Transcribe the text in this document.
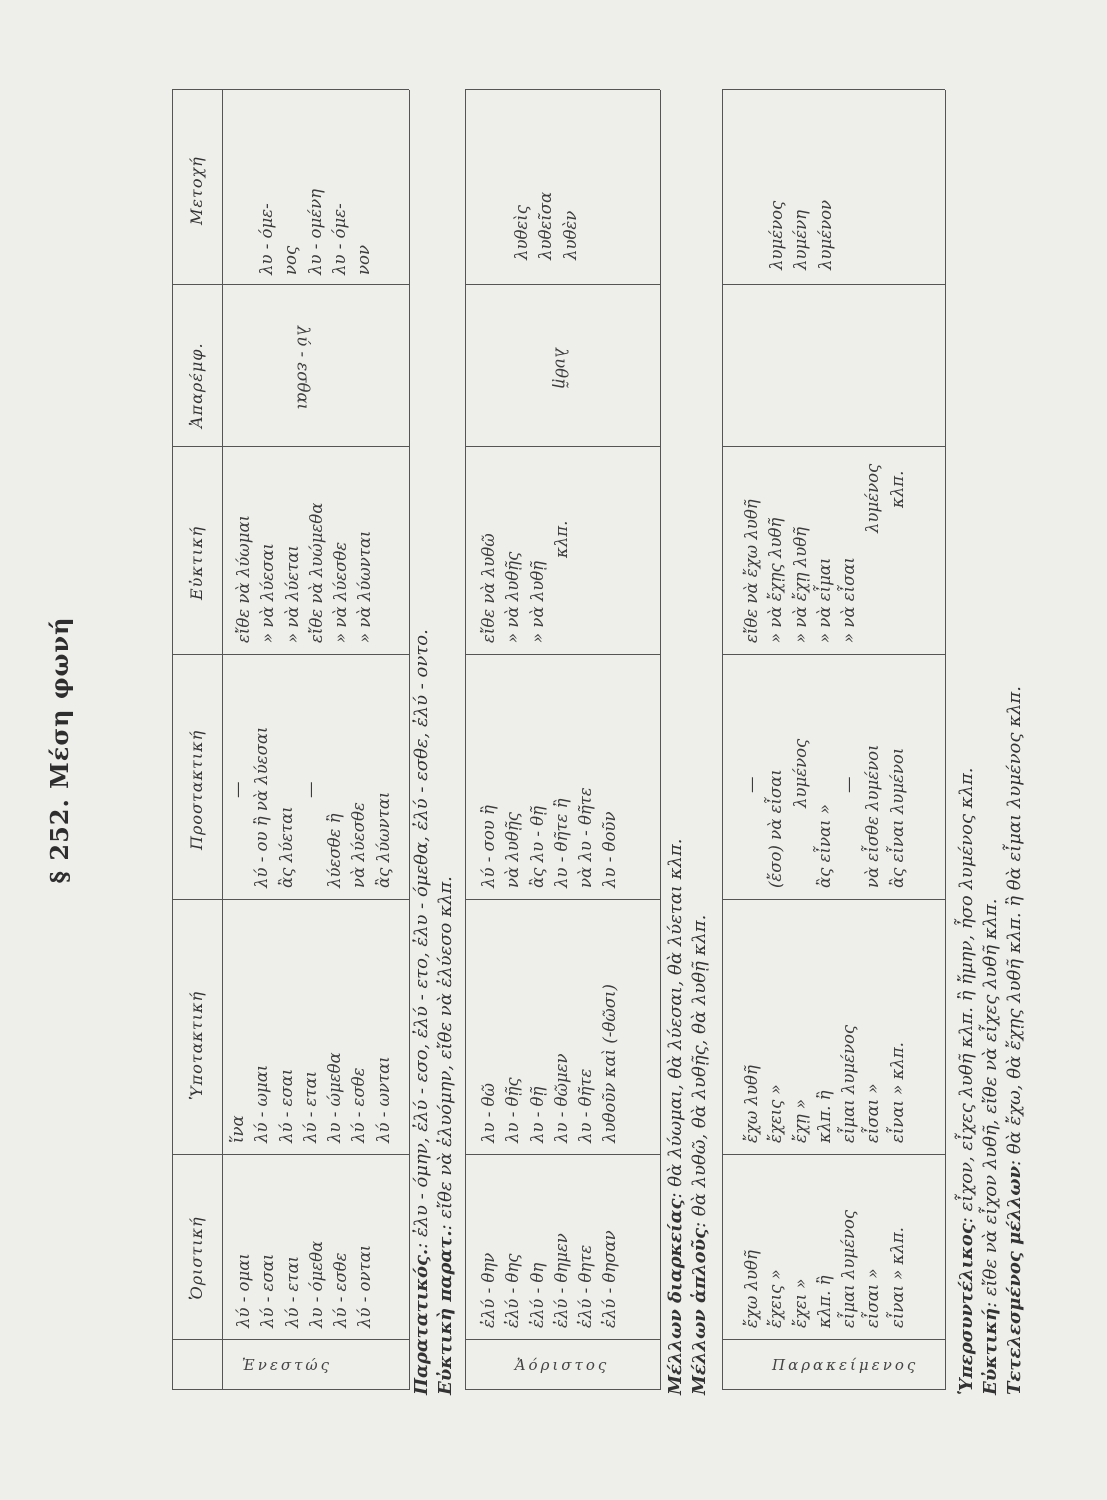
§ 252. Μέση φωνή
Ὁριστική
Ὑποτακτική
Προστακτική
Εὐκτική
Ἀπαρέμφ.
Μετοχή
Ἐνεστώς
λύ - ομαι λύ - εσαι λύ - εται λυ - όμεθα λύ - εσθε λύ - ονται
ἵνα λύ - ωμαι λύ - εσαι λύ - εται λυ - ώμεθα λύ - εσθε λύ - ωνται
— λύ - ου ἢ νὰ λύεσαι ἂς λύεται
—
λύεσθε ἢ νὰ λύεσθε ἂς λύωνται
εἴθε νὰ λύωμαι » νὰ λύεσαι » νὰ λύεται εἴθε νὰ λυώμεθα » νὰ λύεσθε » νὰ λύωνται
λύ - εσθαι
λυ - όμε- νος λυ - ομένη λυ - όμε- νον
Παρατατικός.: ἐλυ - όμην, ἐλύ - εσο, ἐλύ - ετο, ἐλυ - όμεθα, ἐλύ - εσθε, ἐλύ - οντο.
Εὐκτικὴ παρατ.: εἴθε νὰ ἐλυόμην, εἴθε νὰ ἐλύεσο κλπ.
Ἀόριστος
ἐλύ - θην ἐλύ - θης ἐλύ - θη ἐλύ - θημεν ἐλύ - θητε ἐλύ - θησαν
λυ - θῶ λυ - θῇς λυ - θῇ λυ - θῶμεν λυ - θῆτε λυθοῦν καὶ (-θῶσι)
λύ - σου ἢ νὰ λυθῇς ἂς λυ - θῇ λυ - θῆτε ἢ νὰ λυ - θῆτε λυ - θοῦν
εἴθε νὰ λυθῶ » νὰ λυθῇς » νὰ λυθῇ
κλπ.
λυθῇ
λυθεὶς λυθεῖσα λυθὲν
Μέλλων διαρκείας: θὰ λύωμαι, θὰ λύεσαι, θὰ λύεται κλπ.
Μέλλων ἁπλοῦς: θὰ λυθῶ, θὰ λυθῇς, θὰ λυθῇ κλπ.
Παρακείμενος
ἔχω λυθῆ ἔχεις » ἔχει » κλπ. ἢ εἶμαι λυμένος εἶσαι » εἶναι » κλπ.
ἔχω λυθῆ ἔχεις » ἔχῃ » κλπ. ἢ εἶμαι λυμένος εἶσαι » εἶναι » κλπ.
— (ἔσο) νὰ εἶσαι λυμένος
ἂς εἶναι »
— νὰ εἶσθε λυμένοι ἂς εἶναι λυμένοι
εἴθε νὰ ἔχω λυθῆ » νὰ ἔχῃς λυθῆ » νὰ ἔχῃ λυθῆ » νὰ εἶμαι » νὰ εἶσαι
λυμένος κλπ.
λυμένος λυμένη λυμένον
Ὑπερσυντέλικος: εἶχον, εἶχες λυθῆ κλπ. ἢ ἤμην, ἦσο λυμένος κλπ.
Εὐκτική: εἴθε νὰ εἶχον λυθῆ, εἴθε νὰ εἶχες λυθῆ κλπ. Τετελεσμένος μέλλων: θὰ ἔχω, θὰ ἔχῃς λυθῆ κλπ. ἢ θὰ εἶμαι λυμένος κλπ.
